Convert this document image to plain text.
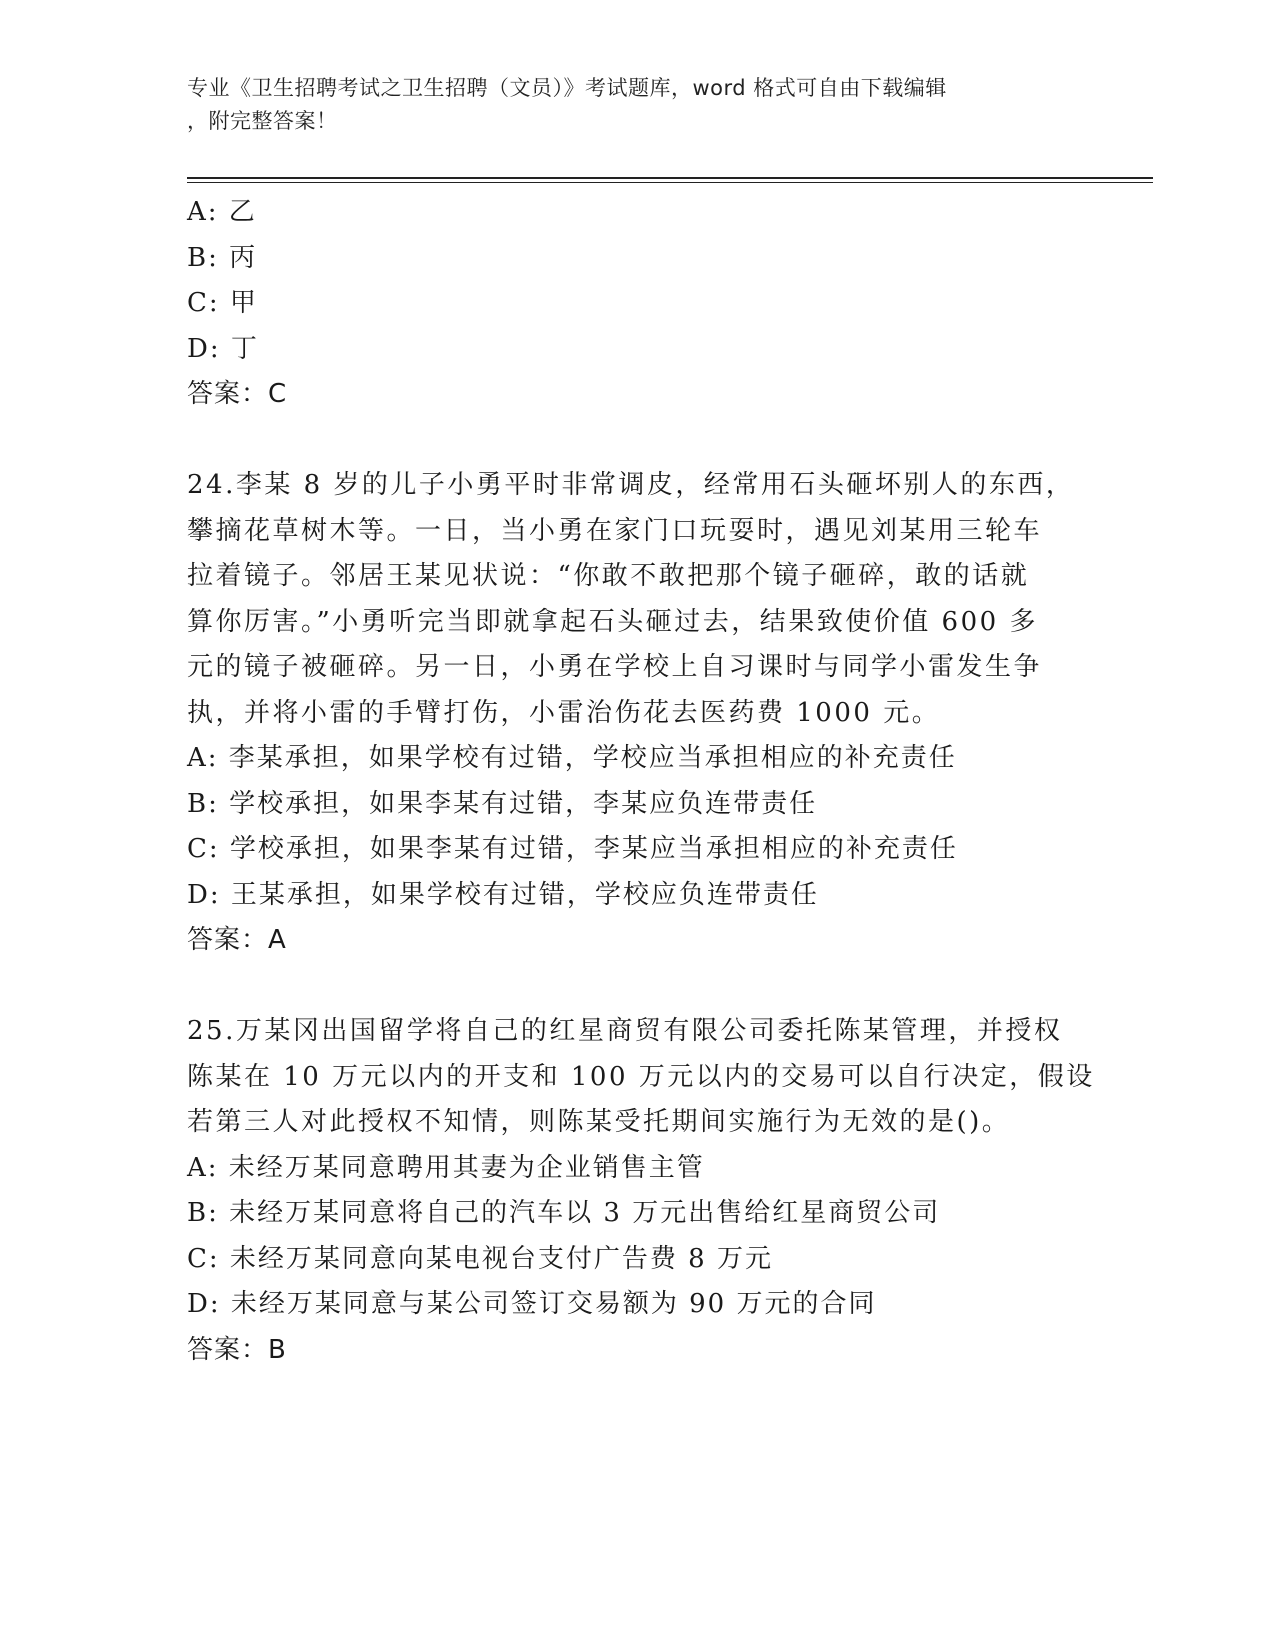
专业《卫生招聘考试之卫生招聘（文员）》考试题库，word 格式可自由下载编辑
，附完整答案！
A: 乙
B: 丙
C: 甲
D: 丁
答案：C
24.李某 8 岁的儿子小勇平时非常调皮，经常用石头砸坏别人的东西，
攀摘花草树木等。一日，当小勇在家门口玩耍时，遇见刘某用三轮车
拉着镜子。邻居王某见状说：“你敢不敢把那个镜子砸碎，敢的话就
算你厉害。”小勇听完当即就拿起石头砸过去，结果致使价值 600 多
元的镜子被砸碎。另一日，小勇在学校上自习课时与同学小雷发生争
执，并将小雷的手臂打伤，小雷治伤花去医药费 1000 元。
A: 李某承担，如果学校有过错，学校应当承担相应的补充责任
B: 学校承担，如果李某有过错，李某应负连带责任
C: 学校承担，如果李某有过错，李某应当承担相应的补充责任
D: 王某承担，如果学校有过错，学校应负连带责任
答案：A
25.万某冈出国留学将自己的红星商贸有限公司委托陈某管理，并授权
陈某在 10 万元以内的开支和 100 万元以内的交易可以自行决定，假设
若第三人对此授权不知情，则陈某受托期间实施行为无效的是()。
A: 未经万某同意聘用其妻为企业销售主管
B: 未经万某同意将自己的汽车以 3 万元出售给红星商贸公司
C: 未经万某同意向某电视台支付广告费 8 万元
D: 未经万某同意与某公司签订交易额为 90 万元的合同
答案：B
